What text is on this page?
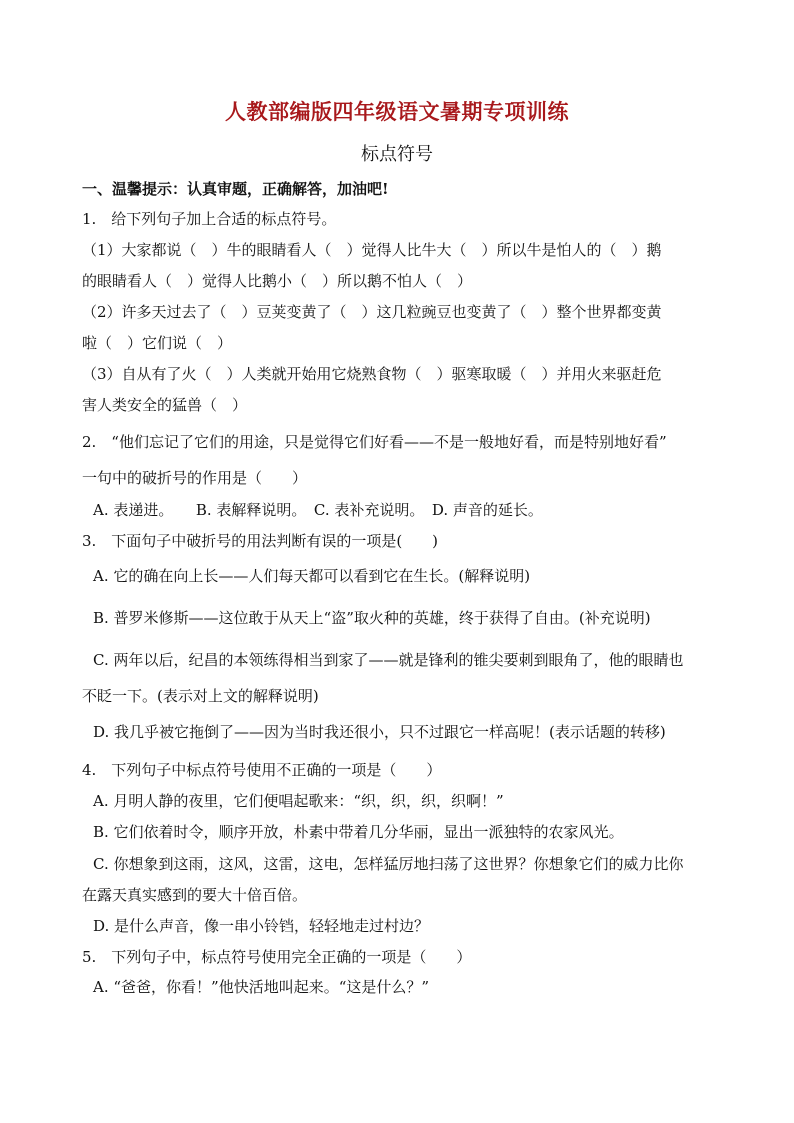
人教部编版四年级语文暑期专项训练
标点符号
一、温馨提示：认真审题，正确解答，加油吧!
1.　给下列句子加上合适的标点符号。
（1）大家都说（　）牛的眼睛看人（　）觉得人比牛大（　）所以牛是怕人的（　）鹅
的眼睛看人（　）觉得人比鹅小（　）所以鹅不怕人（　）
（2）许多天过去了（　）豆荚变黄了（　）这几粒豌豆也变黄了（　）整个世界都变黄
啦（　）它们说（　）
（3）自从有了火（　）人类就开始用它烧熟食物（　）驱寒取暖（　）并用火来驱赶危
害人类安全的猛兽（　）
2.　“他们忘记了它们的用途，只是觉得它们好看——不是一般地好看，而是特别地好看”
一句中的破折号的作用是（　　）
A. 表递进。　　B. 表解释说明。　C. 表补充说明。　D. 声音的延长。
3.　下面句子中破折号的用法判断有误的一项是(　　)
A. 它的确在向上长——人们每天都可以看到它在生长。(解释说明)
B. 普罗米修斯——这位敢于从天上“盗”取火种的英雄，终于获得了自由。(补充说明)
C. 两年以后，纪昌的本领练得相当到家了——就是锋利的锥尖要刺到眼角了，他的眼睛也
不眨一下。(表示对上文的解释说明)
D. 我几乎被它拖倒了——因为当时我还很小，只不过跟它一样高呢！(表示话题的转移)
4.　下列句子中标点符号使用不正确的一项是（　　）
A. 月明人静的夜里，它们便唱起歌来：“织，织，织，织啊！”
B. 它们依着时令，顺序开放，朴素中带着几分华丽，显出一派独特的农家风光。
C. 你想象到这雨，这风，这雷，这电，怎样猛厉地扫荡了这世界？你想象它们的威力比你
在露天真实感到的要大十倍百倍。
D. 是什么声音，像一串小铃铛，轻轻地走过村边？
5.　下列句子中，标点符号使用完全正确的一项是（　　）
A. “爸爸，你看！”他快活地叫起来。“这是什么？”
